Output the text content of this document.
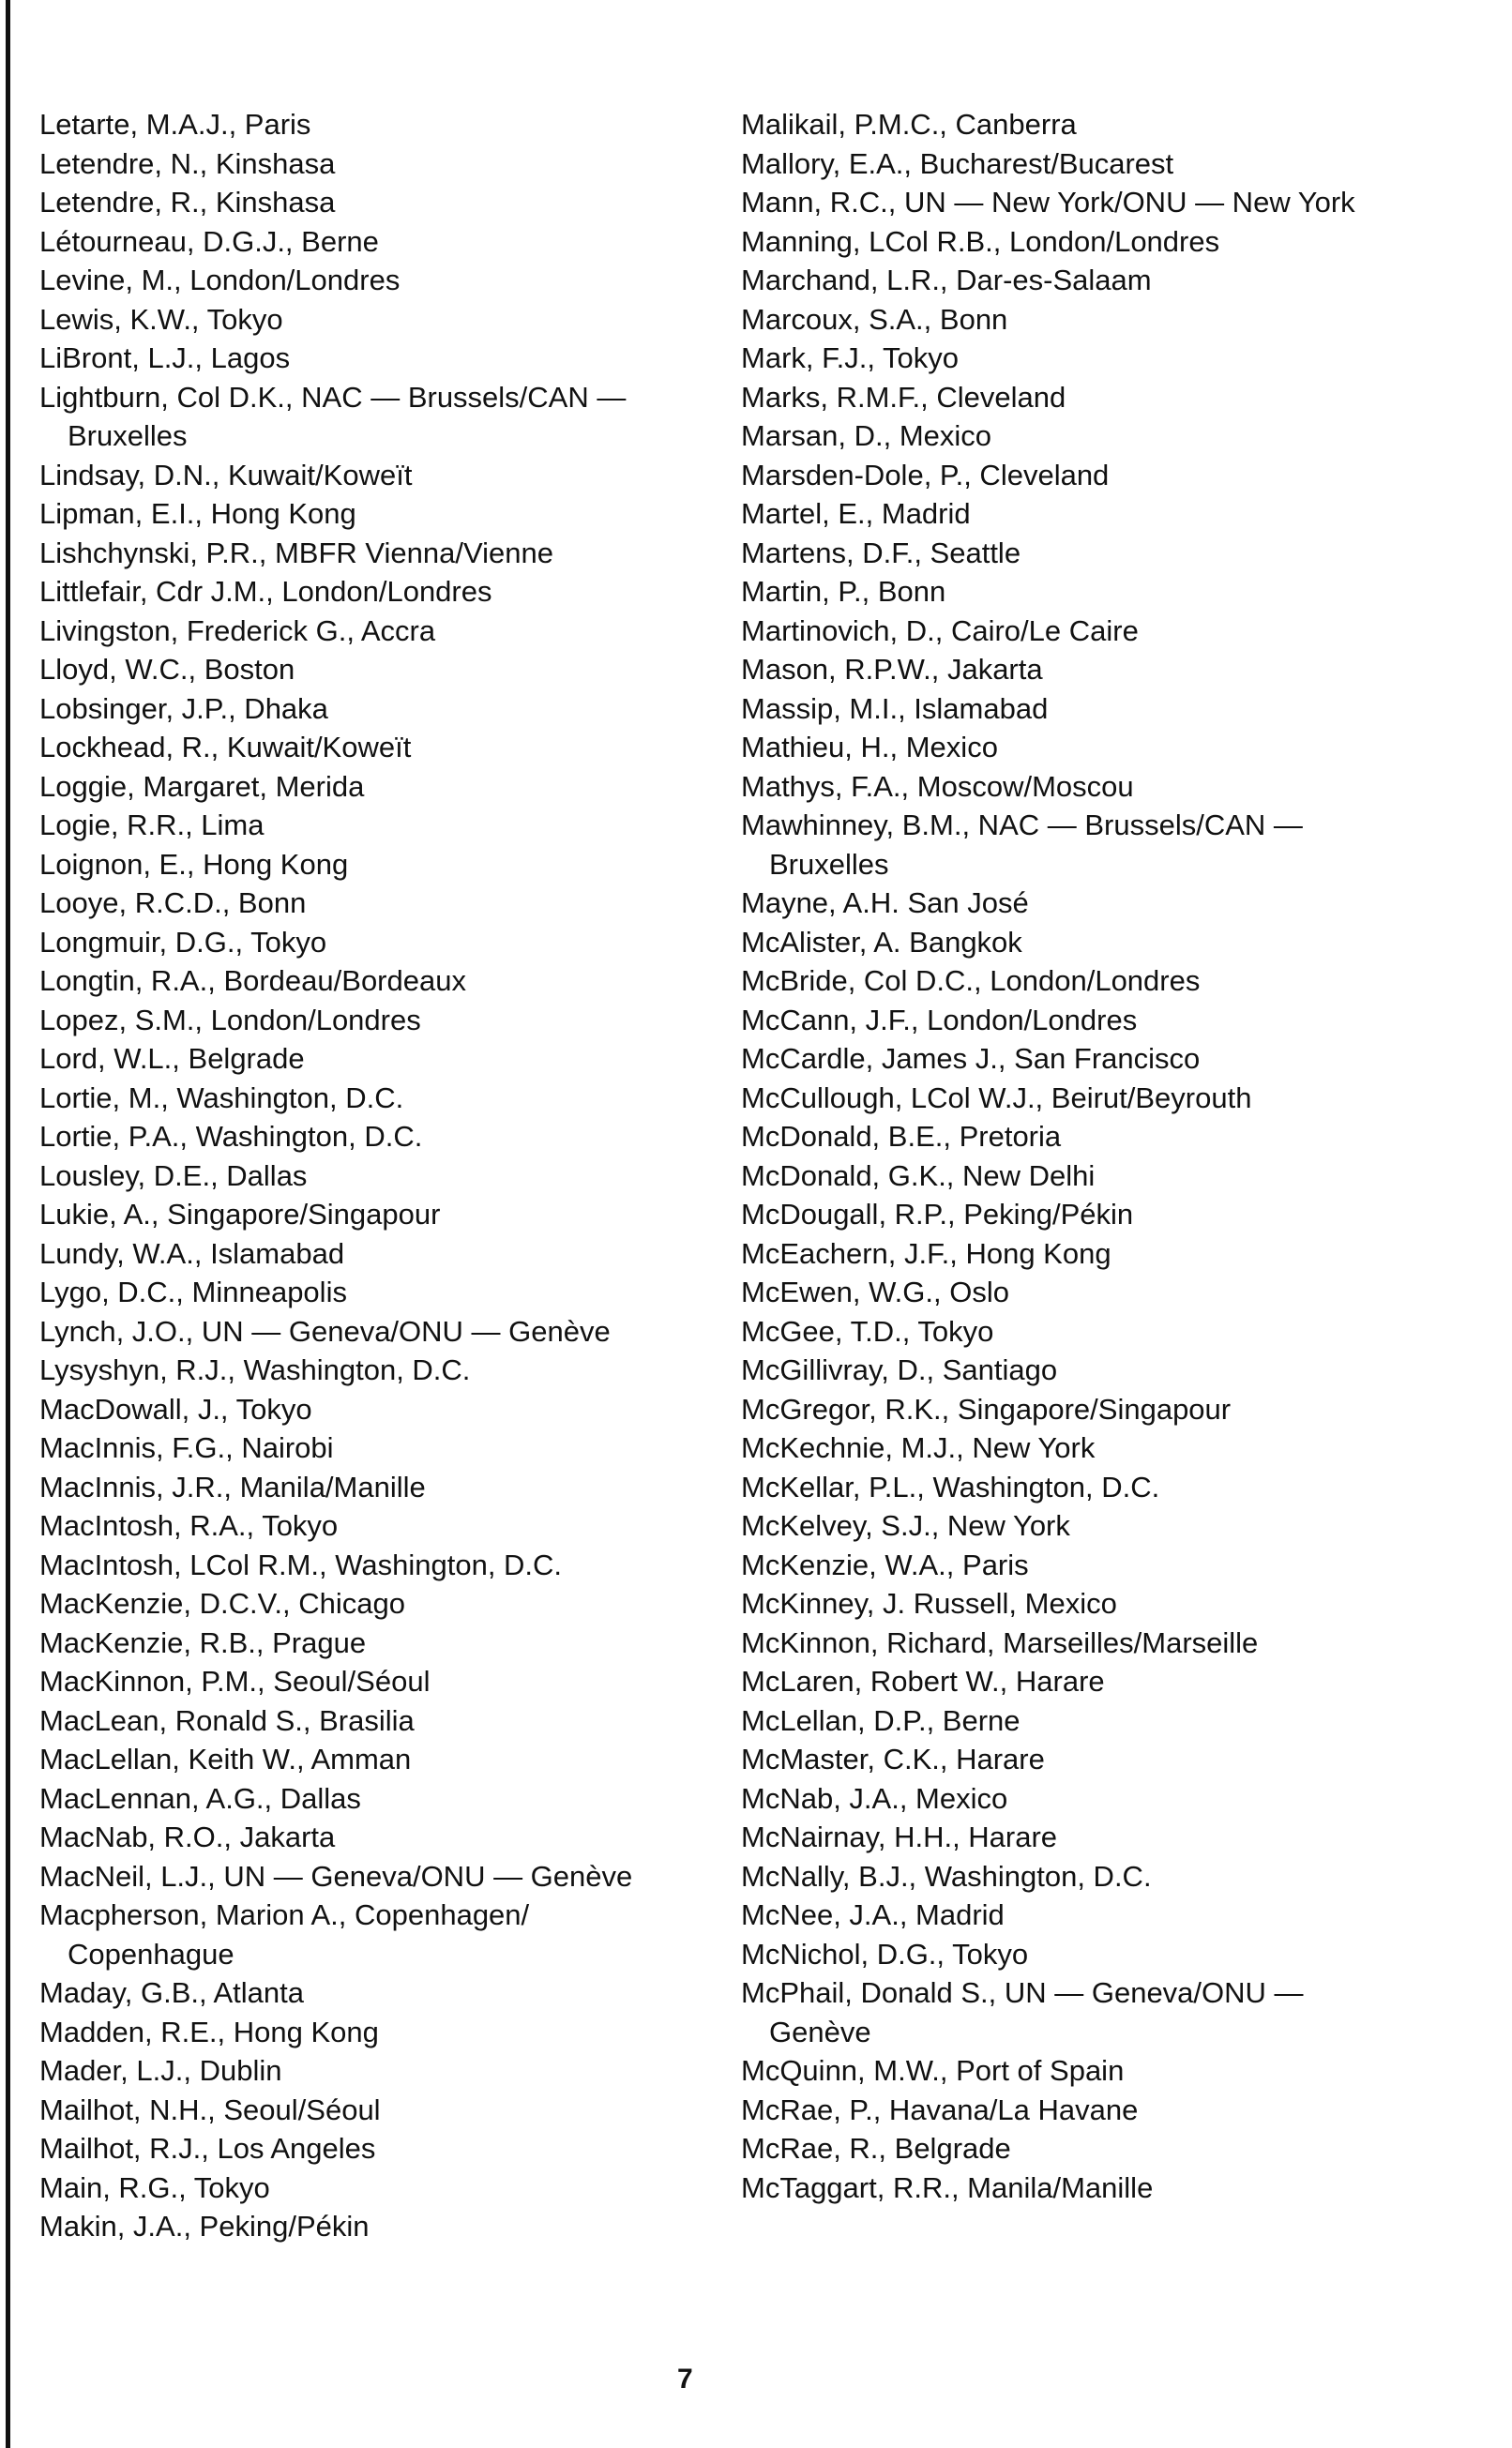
Letarte, M.A.J., Paris
Letendre, N., Kinshasa
Letendre, R., Kinshasa
Létourneau, D.G.J., Berne
Levine, M., London/Londres
Lewis, K.W., Tokyo
LiBront, L.J., Lagos
Lightburn, Col D.K., NAC — Brussels/CAN — Bruxelles
Lindsay, D.N., Kuwait/Koweït
Lipman, E.I., Hong Kong
Lishchynski, P.R., MBFR Vienna/Vienne
Littlefair, Cdr J.M., London/Londres
Livingston, Frederick G., Accra
Lloyd, W.C., Boston
Lobsinger, J.P., Dhaka
Lockhead, R., Kuwait/Koweït
Loggie, Margaret, Merida
Logie, R.R., Lima
Loignon, E., Hong Kong
Looye, R.C.D., Bonn
Longmuir, D.G., Tokyo
Longtin, R.A., Bordeau/Bordeaux
Lopez, S.M., London/Londres
Lord, W.L., Belgrade
Lortie, M., Washington, D.C.
Lortie, P.A., Washington, D.C.
Lousley, D.E., Dallas
Lukie, A., Singapore/Singapour
Lundy, W.A., Islamabad
Lygo, D.C., Minneapolis
Lynch, J.O., UN — Geneva/ONU — Genève
Lysyshyn, R.J., Washington, D.C.
MacDowall, J., Tokyo
MacInnis, F.G., Nairobi
MacInnis, J.R., Manila/Manille
MacIntosh, R.A., Tokyo
MacIntosh, LCol R.M., Washington, D.C.
MacKenzie, D.C.V., Chicago
MacKenzie, R.B., Prague
MacKinnon, P.M., Seoul/Séoul
MacLean, Ronald S., Brasilia
MacLellan, Keith W., Amman
MacLennan, A.G., Dallas
MacNab, R.O., Jakarta
MacNeil, L.J., UN — Geneva/ONU — Genève
Macpherson, Marion A., Copenhagen/ Copenhague
Maday, G.B., Atlanta
Madden, R.E., Hong Kong
Mader, L.J., Dublin
Mailhot, N.H., Seoul/Séoul
Mailhot, R.J., Los Angeles
Main, R.G., Tokyo
Makin, J.A., Peking/Pékin
Malikail, P.M.C., Canberra
Mallory, E.A., Bucharest/Bucarest
Mann, R.C., UN — New York/ONU — New York
Manning, LCol R.B., London/Londres
Marchand, L.R., Dar-es-Salaam
Marcoux, S.A., Bonn
Mark, F.J., Tokyo
Marks, R.M.F., Cleveland
Marsan, D., Mexico
Marsden-Dole, P., Cleveland
Martel, E., Madrid
Martens, D.F., Seattle
Martin, P., Bonn
Martinovich, D., Cairo/Le Caire
Mason, R.P.W., Jakarta
Massip, M.I., Islamabad
Mathieu, H., Mexico
Mathys, F.A., Moscow/Moscou
Mawhinney, B.M., NAC — Brussels/CAN — Bruxelles
Mayne, A.H. San José
McAlister, A. Bangkok
McBride, Col D.C., London/Londres
McCann, J.F., London/Londres
McCardle, James J., San Francisco
McCullough, LCol W.J., Beirut/Beyrouth
McDonald, B.E., Pretoria
McDonald, G.K., New Delhi
McDougall, R.P., Peking/Pékin
McEachern, J.F., Hong Kong
McEwen, W.G., Oslo
McGee, T.D., Tokyo
McGillivray, D., Santiago
McGregor, R.K., Singapore/Singapour
McKechnie, M.J., New York
McKellar, P.L., Washington, D.C.
McKelvey, S.J., New York
McKenzie, W.A., Paris
McKinney, J. Russell, Mexico
McKinnon, Richard, Marseilles/Marseille
McLaren, Robert W., Harare
McLellan, D.P., Berne
McMaster, C.K., Harare
McNab, J.A., Mexico
McNairnay, H.H., Harare
McNally, B.J., Washington, D.C.
McNee, J.A., Madrid
McNichol, D.G., Tokyo
McPhail, Donald S., UN — Geneva/ONU — Genève
McQuinn, M.W., Port of Spain
McRae, P., Havana/La Havane
McRae, R., Belgrade
McTaggart, R.R., Manila/Manille
7
